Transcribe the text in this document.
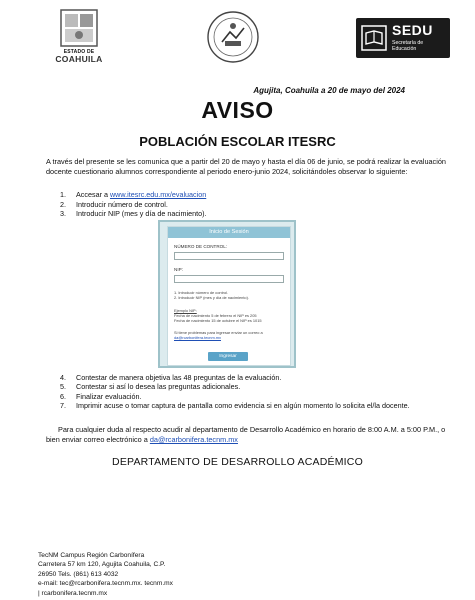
ESTADO DE
COAHUILA
SEDU
Secretaría de
Educación
Agujita, Coahuila a 20 de mayo del 2024
AVISO
POBLACIÓN ESCOLAR ITESRC
A través del presente se les comunica que a partir del 20 de mayo y hasta el día 06 de junio, se podrá realizar la evaluación docente cuestionario alumnos correspondiente al periodo enero-junio 2024, solicitándoles observar lo siguiente:
1.	Accesar a www.itesrc.edu.mx/evaluacion
2.	Introducir número de control.
3.	Introducir NIP (mes y día de nacimiento).
Inicio de Sesión
NÚMERO DE CONTROL:
NIP:
1. Introducir número de control.
2. Introducir NIP (mes y día de nacimiento).
Ejemplo NIP:
Fecha de nacimiento 5 de febrero el NIP es 205
Fecha de nacimiento 15 de octubre el NIP es 1015
Si tiene problemas para ingresar enviar un correo a da@rcarbonifera.tecnm.mx
Ingresar
4.	Contestar de manera objetiva las 48 preguntas de la evaluación.
5.	Contestar si así lo desea las preguntas adicionales.
6.	Finalizar evaluación.
7.	Imprimir acuse o tomar captura de pantalla como evidencia si en algún momento lo solicita el/la docente.
Para cualquier duda al respecto acudir al departamento de Desarrollo Académico en horario de 8:00 A.M. a 5:00 P.M., o bien enviar correo electrónico a da@rcarbonifera.tecnm.mx
DEPARTAMENTO DE DESARROLLO ACADÉMICO
TecNM Campus Región Carbonífera
Carretera 57 km 120, Agujita Coahuila, C.P.
26950 Tels. (861) 613 4032
e-mail: tec@rcarbonifera.tecnm.mx. tecnm.mx
| rcarbonifera.tecnm.mx
